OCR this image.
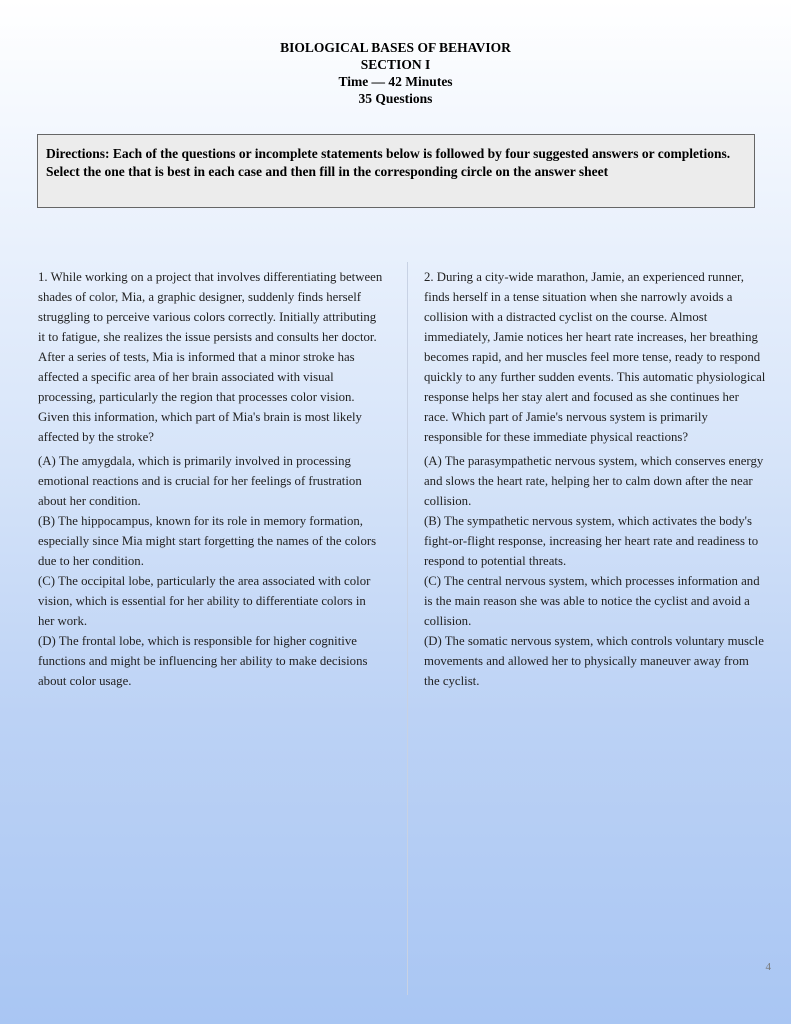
BIOLOGICAL BASES OF BEHAVIOR
SECTION I
Time — 42 Minutes
35 Questions
Directions: Each of the questions or incomplete statements below is followed by four suggested answers or completions. Select the one that is best in each case and then fill in the corresponding circle on the answer sheet

1. While working on a project that involves differentiating between shades of color, Mia, a graphic designer, suddenly finds herself struggling to perceive various colors correctly. Initially attributing it to fatigue, she realizes the issue persists and consults her doctor. After a series of tests, Mia is informed that a minor stroke has affected a specific area of her brain associated with visual processing, particularly the region that processes color vision. Given this information, which part of Mia's brain is most likely affected by the stroke?

(A) The amygdala, which is primarily involved in processing emotional reactions and is crucial for her feelings of frustration about her condition.

(B) The hippocampus, known for its role in memory formation, especially since Mia might start forgetting the names of the colors due to her condition.

(C) The occipital lobe, particularly the area associated with color vision, which is essential for her ability to differentiate colors in her work.

(D) The frontal lobe, which is responsible for higher cognitive functions and might be influencing her ability to make decisions about color usage.

2. During a city-wide marathon, Jamie, an experienced runner, finds herself in a tense situation when she narrowly avoids a collision with a distracted cyclist on the course. Almost immediately, Jamie notices her heart rate increases, her breathing becomes rapid, and her muscles feel more tense, ready to respond quickly to any further sudden events. This automatic physiological response helps her stay alert and focused as she continues her race. Which part of Jamie's nervous system is primarily responsible for these immediate physical reactions?

(A) The parasympathetic nervous system, which conserves energy and slows the heart rate, helping her to calm down after the near collision.

(B) The sympathetic nervous system, which activates the body's fight-or-flight response, increasing her heart rate and readiness to respond to potential threats.

(C) The central nervous system, which processes information and is the main reason she was able to notice the cyclist and avoid a collision.

(D) The somatic nervous system, which controls voluntary muscle movements and allowed her to physically maneuver away from the cyclist.

4
